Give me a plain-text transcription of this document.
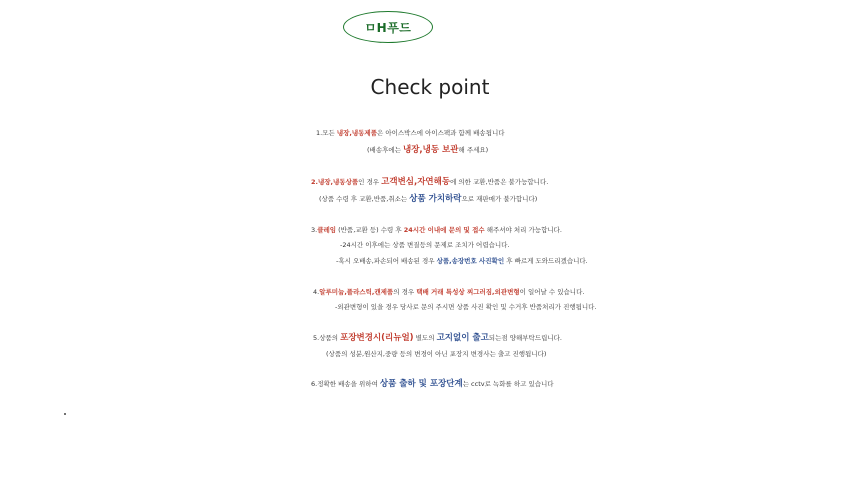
ㅁH푸드
Check point
1.모든 냉장,냉동제품은 아이스박스에 아이스팩과 함께 배송됩니다
(배송후에는 냉장,냉동 보관해 주세요)
2.냉장,냉동상품인 경우 고객변심,자연해동에 의한 교환,반품은 불가능합니다.
(상품 수령 후 교환,반품,취소는 상품 가치하락으로 재판매가 불가합니다)
3.클레임 (반품,교환 등) 수령 후 24시간 이내에 문의 및 접수 해주셔야 처리 가능합니다.
-24시간 이후에는 상품 변질등의 문제로 조치가 어렵습니다.
-혹시 오배송,파손되어 배송된 경우 상품,송장번호 사진확인 후 빠르게 도와드리겠습니다.
4.알루미늄,플라스틱,캔제품의 경우 택배 거래 특성상 찌그러짐,외관변형이 일어날 수 있습니다.
-외관변형이 있을 경우 당사로 문의 주시면 상품 사진 확인 및 수거후 반품처리가 진행됩니다.
5.상품의 포장변경시(리뉴얼) 별도의 고지없이 출고되는점 양해부탁드립니다.
(상품의 성분,원산지,중량 등의 변경이 아닌 포장지 변경사는 출고 진행됩니다)
6.정확한 배송을 위하여 상품 출하 및 포장단계는 cctv로 녹화를 하고 있습니다
